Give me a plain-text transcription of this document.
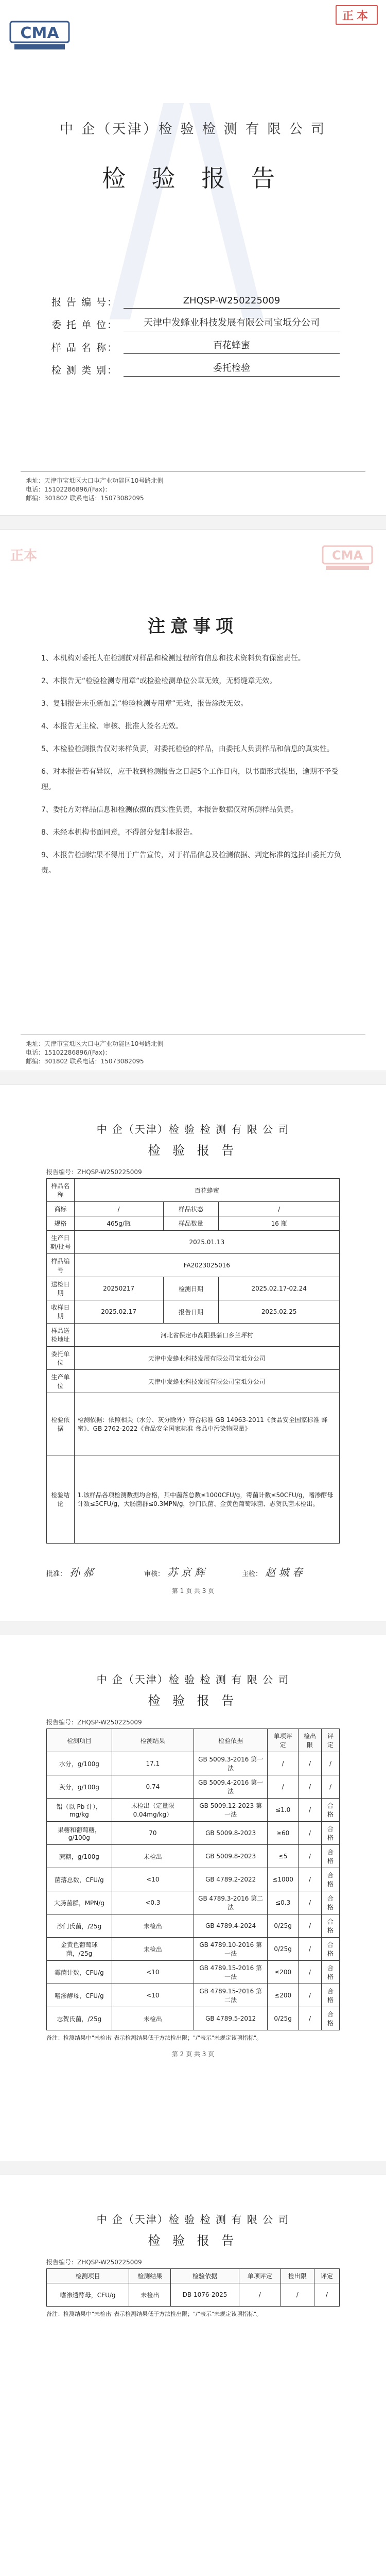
CMA
正本
中 企（天津）检 验 检 测 有 限 公 司
检 验 报 告
报 告 编 号：	ZHQSP-W250225009
委 托 单 位：	天津中发蜂业科技发展有限公司宝坻分公司
样 品 名 称：	百花蜂蜜
检 测 类 别：	委托检验
地址：天津市宝坻区大口屯产业功能区10号路北侧
电话：15102286896/(Fax)：
邮编：301802 联系电话：15073082095
正本	CMA
注意事项

1、本机构对委托人在检测前对样品和检测过程所有信息和技术资料负有保密责任。

2、本报告无“检验检测专用章”或检验检测单位公章无效，无骑缝章无效。

3、复制报告未重新加盖“检验检测专用章”无效，报告涂改无效。

4、本报告无主检、审核、批准人签名无效。

5、本检验检测报告仅对来样负责，对委托检验的样品，由委托人负责样品和信息的真实性。

6、对本报告若有异议，应于收到检测报告之日起5个工作日内，以书面形式提出，逾期不予受理。

7、委托方对样品信息和检测依据的真实性负责，本报告数据仅对所测样品负责。

8、未经本机构书面同意，不得部分复制本报告。

9、本报告检测结果不得用于广告宣传，对于样品信息及检测依据、判定标准的选择由委托方负责。

地址：天津市宝坻区大口屯产业功能区10号路北侧
电话：15102286896/(Fax)：
邮编：301802 联系电话：15073082095
中 企（天津）检 验 检 测 有 限 公 司
检 验 报 告
报告编号：ZHQSP-W250225009
样品名称	百花蜂蜜		
商标	/	样品状态	/
规格	465g/瓶	样品数量	16 瓶
生产日期/批号	2025.01.13		
样品编号	FA2023025016		
送检日期	20250217	检测日期	2025.02.17-02.24
收样日期	2025.02.17	报告日期	2025.02.25
样品送检地址	河北省保定市高阳县蒲口乡兰坪村		
委托单位	天津中发蜂业科技发展有限公司宝坻分公司		
生产单位	天津中发蜂业科技发展有限公司宝坻分公司		
检验依据	检测依据：依照相关（水分、灰分除外）符合标准 GB 14963-2011《食品安全国家标准 蜂蜜》、GB 2762-2022《食品安全国家标准 食品中污染物限量》		
检验结论	1.该样品各项检测数据均合格，其中菌落总数≤1000CFU/g，霉菌计数≤50CFU/g，嗜渗酵母计数≤5CFU/g，大肠菌群≤0.3MPN/g，沙门氏菌、金黄色葡萄球菌、志贺氏菌未检出。		
批准： 孙 郝	审核： 苏 京 辉	主检： 赵 城 春
第 1 页 共 3 页
中 企（天津）检 验 检 测 有 限 公 司
检 验 报 告
报告编号：ZHQSP-W250225009
检测项目	检测结果	检验依据	单项评定	检出限	评定
水分，g/100g	17.1	GB 5009.3-2016 第一法	/	/	/
灰分，g/100g	0.74	GB 5009.4-2016 第一法	/	/	/
铅（以 Pb 计），mg/kg	未检出（定量限0.04mg/kg）	GB 5009.12-2023 第一法	≤1.0	/	合格
果糖和葡萄糖，g/100g	70	GB 5009.8-2023	≥60	/	合格
蔗糖，g/100g	未检出	GB 5009.8-2023	≤5	/	合格
菌落总数，CFU/g	<10	GB 4789.2-2022	≤1000	/	合格
大肠菌群，MPN/g	<0.3	GB 4789.3-2016 第二法	≤0.3	/	合格
沙门氏菌，/25g	未检出	GB 4789.4-2024	0/25g	/	合格
金黄色葡萄球菌，/25g	未检出	GB 4789.10-2016 第一法	0/25g	/	合格
霉菌计数，CFU/g	<10	GB 4789.15-2016 第一法	≤200	/	合格
嗜渗酵母，CFU/g	<10	GB 4789.15-2016 第二法	≤200	/	合格
志贺氏菌，/25g	未检出	GB 4789.5-2012	0/25g	/	合格
备注：检测结果中"未检出"表示检测结果低于方法检出限；"/"表示"未规定该项指标"。
第 2 页 共 3 页
中 企（天津）检 验 检 测 有 限 公 司
检 验 报 告
报告编号：ZHQSP-W250225009
检测项目	检测结果	检验依据	单项评定	检出限	评定
嗜渗透酵母，CFU/g	未检出	DB 1076-2025	/	/	/
备注：检测结果中"未检出"表示检测结果低于方法检出限；"/"表示"未规定该项指标"。
